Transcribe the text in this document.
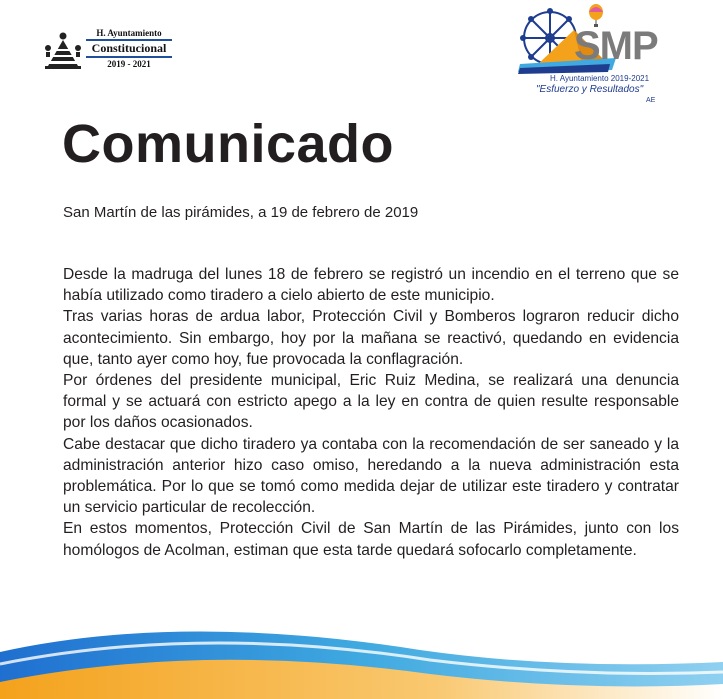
H. Ayuntamiento
Constitucional
2019 - 2021	SMP
H. Ayuntamiento 2019-2021
"Esfuerzo y Resultados"
AE
Comunicado

San Martín de las pirámides, a 19 de febrero de 2019

Desde la madruga del lunes 18 de febrero se registró un incendio en el terreno que se había utilizado como tiradero a cielo abierto de este municipio.

Tras varias horas de ardua labor, Protección Civil y Bomberos lograron reducir dicho acontecimiento. Sin embargo, hoy por la mañana se reactivó, quedando en evidencia que, tanto ayer como hoy, fue provocada la conflagración.

Por órdenes del presidente municipal, Eric Ruiz Medina, se realizará una denuncia formal y se actuará con estricto apego a la ley en contra de quien resulte responsable por los daños ocasionados.

Cabe destacar que dicho tiradero ya contaba con la recomendación de ser saneado y la administración anterior hizo caso omiso, heredando a la nueva administración esta problemática. Por lo que se tomó como medida dejar de utilizar este tiradero y contratar un servicio particular de recolección.

En estos momentos, Protección Civil de San Martín de las Pirámides, junto con los homólogos de Acolman, estiman que esta tarde quedará sofocarlo completamente.
